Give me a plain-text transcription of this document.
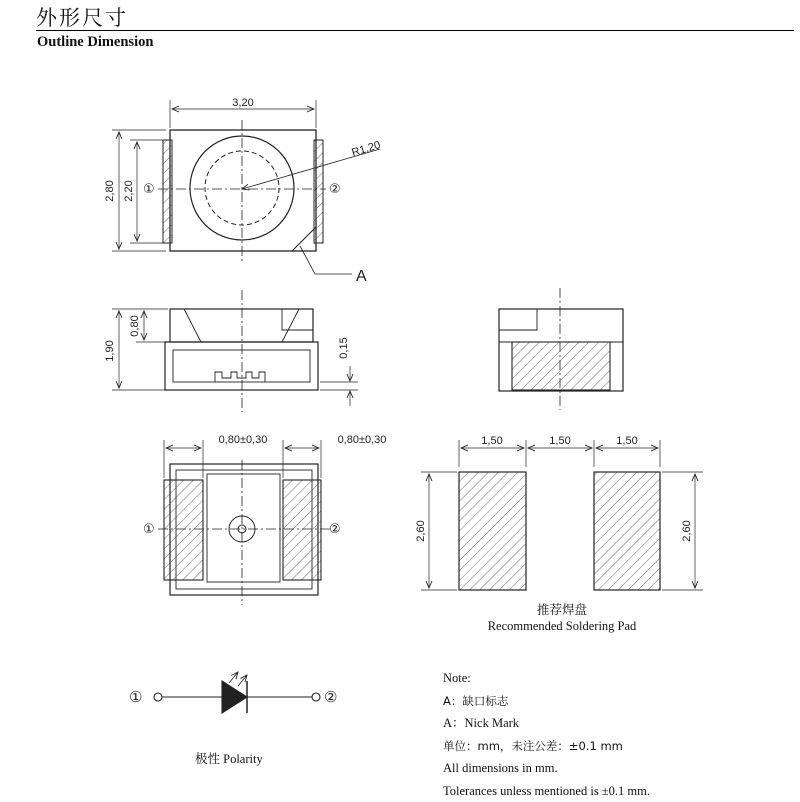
外形尺寸
Outline Dimension
3,20
2,80 2,20
R1,20
A
①	②
1,90
0,80
0,15
0,80±0,30	0,80±0,30
①	②
1,50	1,50	1,50
2,60	2,60
①	②
推荐焊盘
Recommended Soldering Pad
极性 Polarity
Note:
A：缺口标志
A：Nick Mark
单位：mm，未注公差：±0.1 mm
All dimensions in mm.
Tolerances unless mentioned is ±0.1 mm.
